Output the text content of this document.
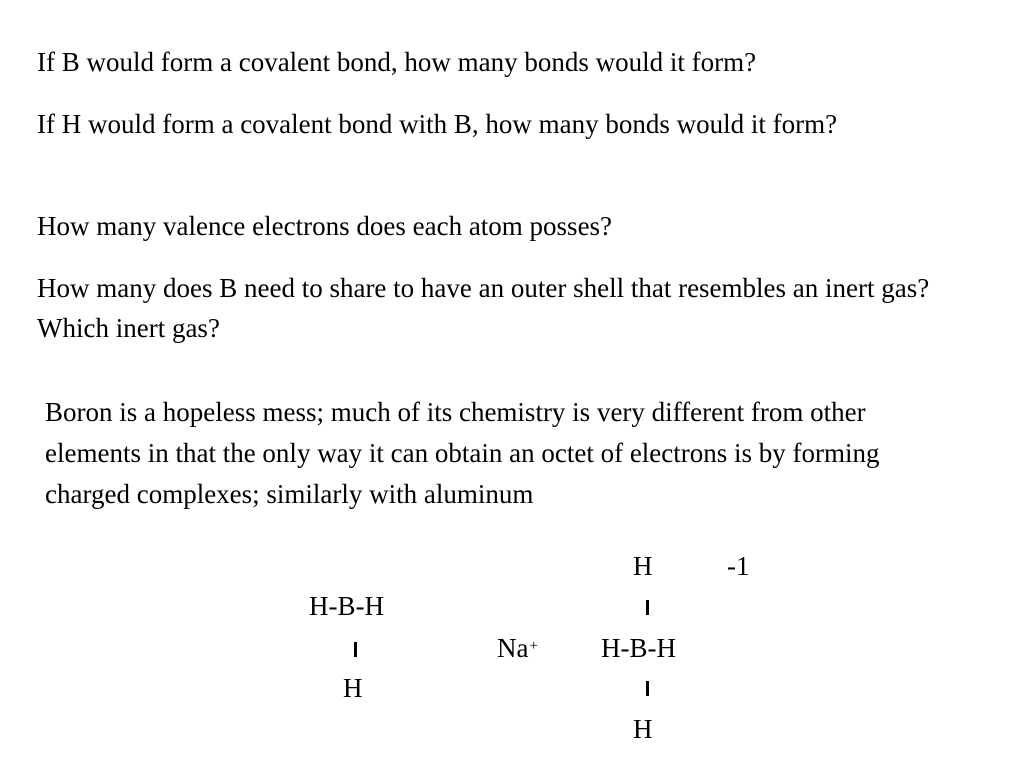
If B would form a covalent bond, how many bonds would it form?

If H would form a covalent bond with B, how many bonds would it form?

How many valence electrons does each atom posses?

How many does B need to share to have an outer shell that resembles an inert gas? Which inert gas?

Boron is a hopeless mess; much of its chemistry is very different from other elements in that the only way it can obtain an octet of electrons is by forming charged complexes; similarly with aluminum

H-B-H
H
H	-1
Na+ H-B-H
H
